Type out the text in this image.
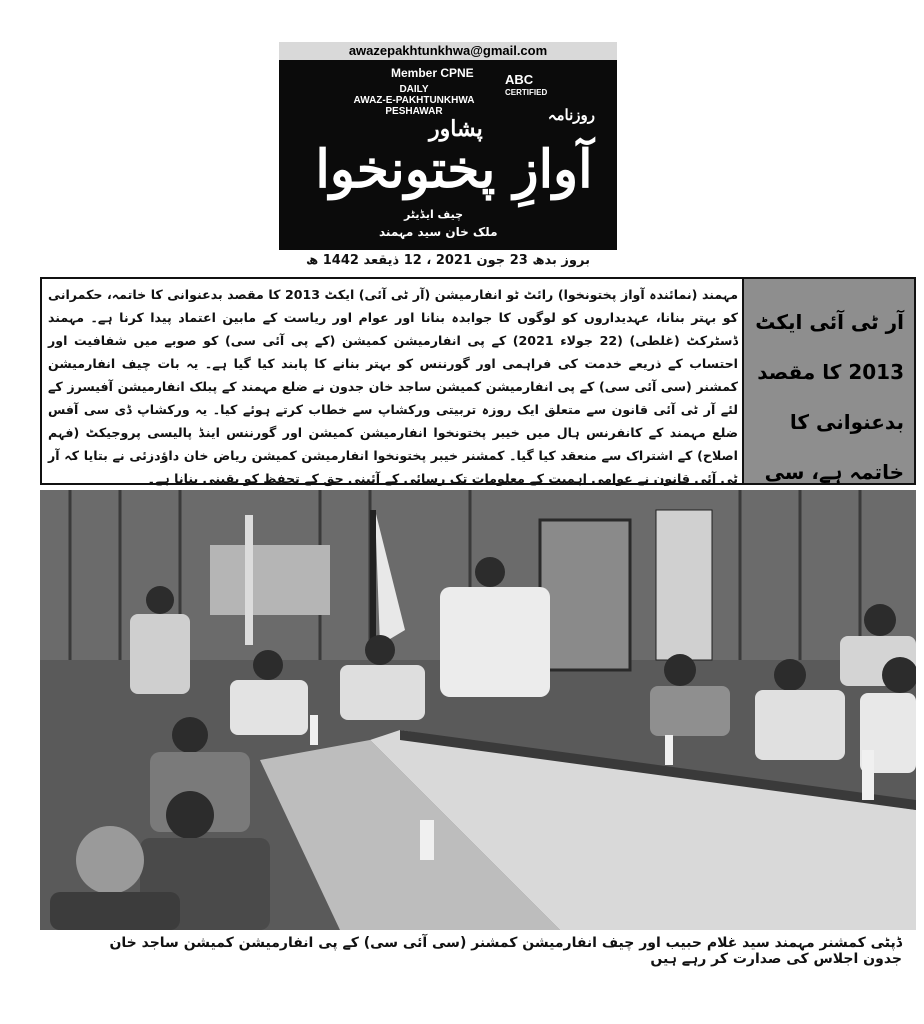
awazepakhtunkhwa@gmail.com
Member CPNE
DAILY
AWAZ-E-PAKHTUNKHWA
PESHAWAR
ABC
CERTIFIED
روزنامہ
پشاور
آوازِ پختونخوا
چیف ایڈیٹر
ملک خان سید مہمند
بروز بدھ 23 جون 2021 ، 12 ذیقعد 1442 ھ
آر ٹی آئی ایکٹ 2013 کا مقصد بدعنوانی کا خاتمہ ہے، سی
مہمند (نمائندہ آواز پختونخوا) رائٹ ٹو انفارمیشن (آر ٹی آئی) ایکٹ 2013 کا مقصد بدعنوانی کا خاتمہ، حکمرانی کو بہتر بنانا، عہدیداروں کو لوگوں کا جوابدہ بنانا اور عوام اور ریاست کے مابین اعتماد پیدا کرنا ہے۔ مہمند ڈسٹرکٹ (غلطی) (22 جولاء 2021) کے پی انفارمیشن کمیشن (کے پی آئی سی) کو صوبے میں شفافیت اور احتساب کے ذریعے خدمت کی فراہمی اور گورننس کو بہتر بنانے کا پابند کیا گیا ہے۔ یہ بات چیف انفارمیشن کمشنر (سی آئی سی) کے پی انفارمیشن کمیشن ساجد خان جدون نے ضلع مہمند کے پبلک انفارمیشن آفیسرز کے لئے آر ٹی آئی قانون سے متعلق ایک روزہ تربیتی ورکشاپ سے خطاب کرتے ہوئے کیا۔ یہ ورکشاپ ڈی سی آفس ضلع مہمند کے کانفرنس ہال میں خیبر پختونخوا انفارمیشن کمیشن اور گورننس اینڈ پالیسی پروجیکٹ (فہم اصلاح) کے اشتراک سے منعقد کیا گیا۔ کمشنر خیبر پختونخوا انفارمیشن کمیشن ریاض خان داؤدزئی نے بتایا کہ آر ٹی آئی قانون نے عوامی اہمیت کے معلومات تک رسائی کے آئینی حق کے تحفظ کو یقینی بنانا ہے۔
ڈپٹی کمشنر مہمند سید غلام حبیب اور چیف انفارمیشن کمشنر (سی آئی سی) کے پی انفارمیشن کمیشن ساجد خان جدون اجلاس کی صدارت کر رہے ہیں
